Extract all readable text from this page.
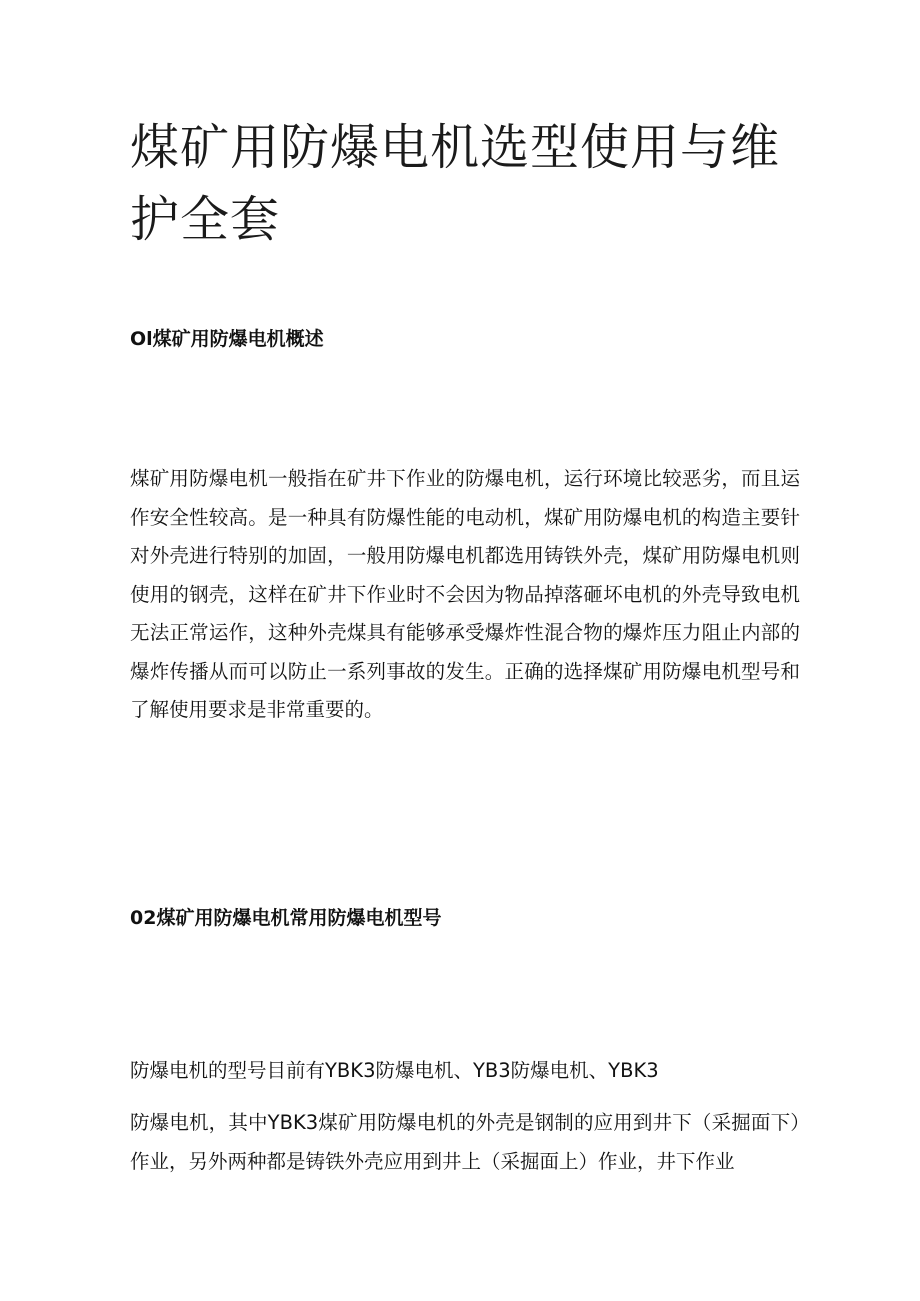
煤矿用防爆电机选型使用与维护全套
Ol煤矿用防爆电机概述

煤矿用防爆电机一般指在矿井下作业的防爆电机，运行环境比较恶劣，而且运作安全性较高。是一种具有防爆性能的电动机，煤矿用防爆电机的构造主要针对外壳进行特别的加固，一般用防爆电机都选用铸铁外壳，煤矿用防爆电机则使用的钢壳，这样在矿井下作业时不会因为物品掉落砸坏电机的外壳导致电机无法正常运作，这种外壳煤具有能够承受爆炸性混合物的爆炸压力阻止内部的爆炸传播从而可以防止一系列事故的发生。正确的选择煤矿用防爆电机型号和了解使用要求是非常重要的。

02煤矿用防爆电机常用防爆电机型号

防爆电机的型号目前有YBK3防爆电机、YB3防爆电机、YBK3

防爆电机，其中YBK3煤矿用防爆电机的外壳是钢制的应用到井下（采掘面下）作业，另外两种都是铸铁外壳应用到井上（采掘面上）作业，井下作业
